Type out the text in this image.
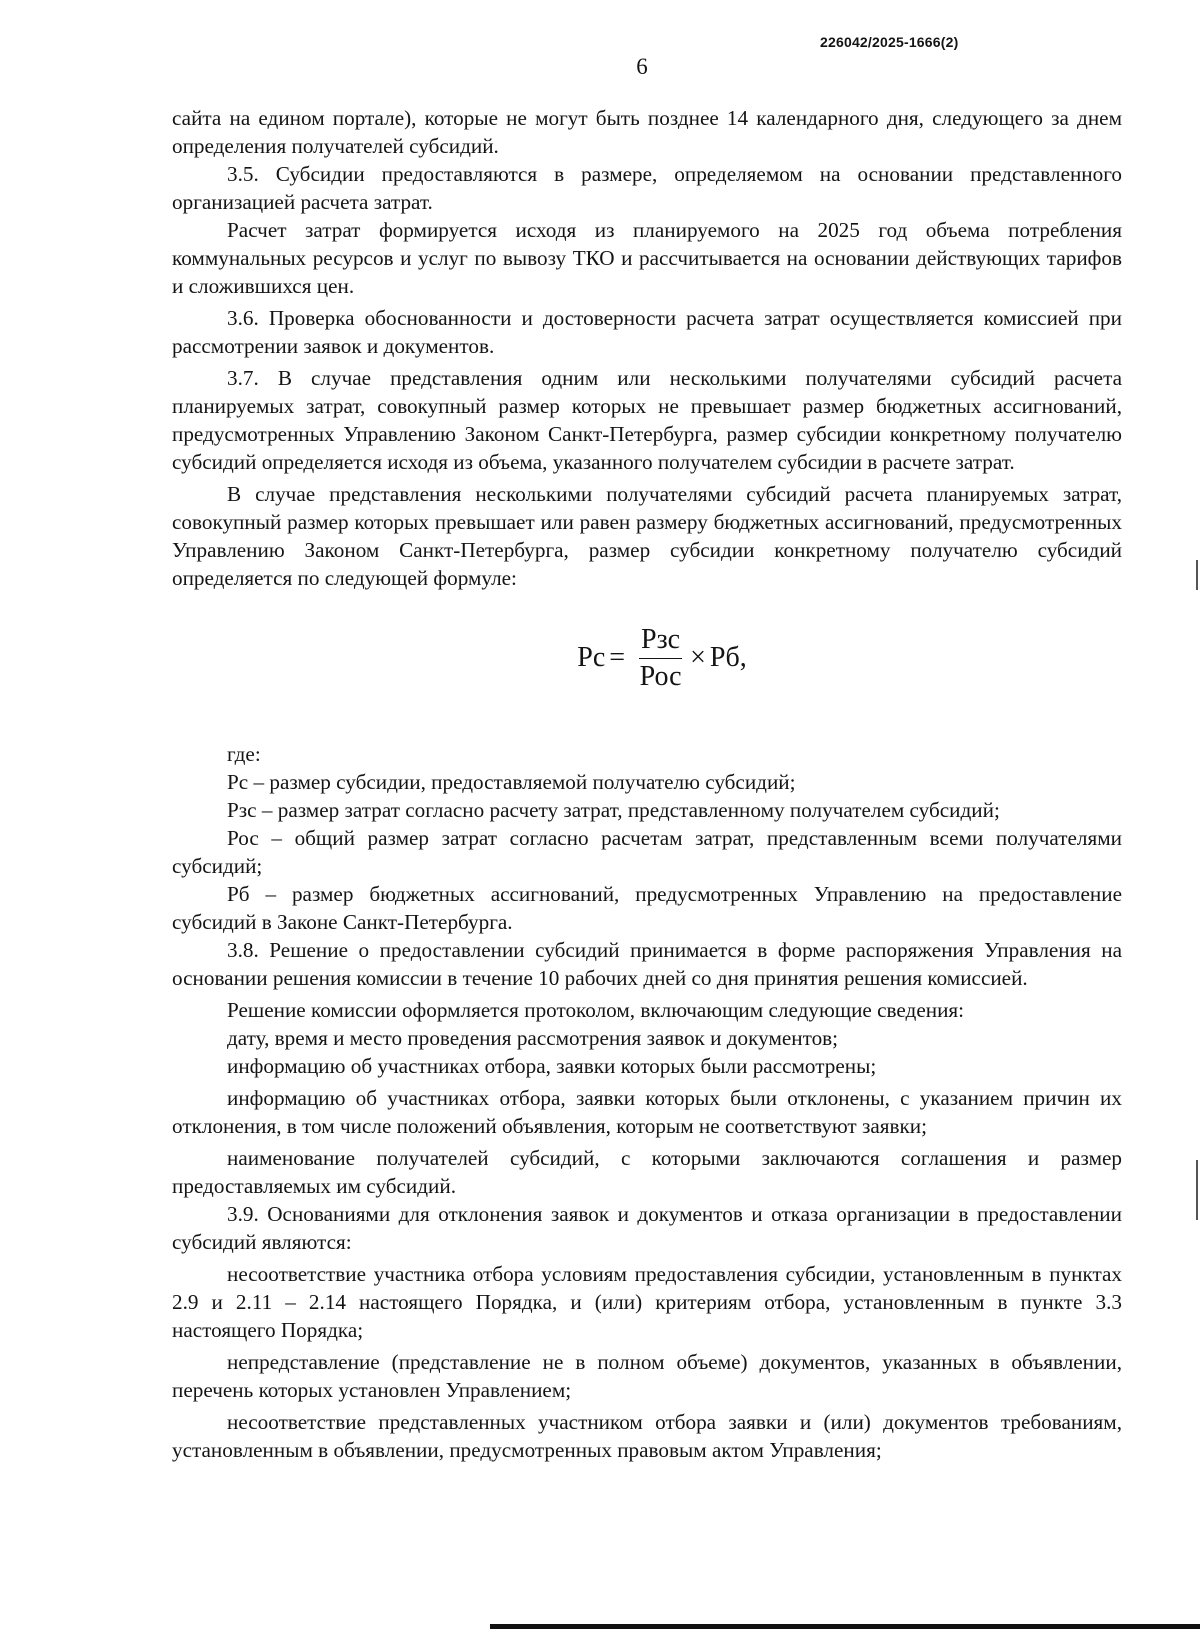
226042/2025-1666(2)
6

сайта на едином портале), которые не могут быть позднее 14 календарного дня, следующего за днем определения получателей субсидий.

3.5. Субсидии предоставляются в размере, определяемом на основании представленного организацией расчета затрат.

Расчет затрат формируется исходя из планируемого на 2025 год объема потребления коммунальных ресурсов и услуг по вывозу ТКО и рассчитывается на основании действующих тарифов и сложившихся цен.

3.6. Проверка обоснованности и достоверности расчета затрат осуществляется комиссией при рассмотрении заявок и документов.

3.7. В случае представления одним или несколькими получателями субсидий расчета планируемых затрат, совокупный размер которых не превышает размер бюджетных ассигнований, предусмотренных Управлению Законом Санкт-Петербурга, размер субсидии конкретному получателю субсидий определяется исходя из объема, указанного получателем субсидии в расчете затрат.

В случае представления несколькими получателями субсидий расчета планируемых затрат, совокупный размер которых превышает или равен размеру бюджетных ассигнований, предусмотренных Управлению Законом Санкт-Петербурга, размер субсидии конкретному получателю субсидий определяется по следующей формуле:

Рс = $\frac{\text{Рзс}}{\text{Рос}}$ × Рб,

где:

Рс – размер субсидии, предоставляемой получателю субсидий;

Рзс – размер затрат согласно расчету затрат, представленному получателем субсидий;

Рос – общий размер затрат согласно расчетам затрат, представленным всеми получателями субсидий;

Рб – размер бюджетных ассигнований, предусмотренных Управлению на предоставление субсидий в Законе Санкт-Петербурга.

3.8. Решение о предоставлении субсидий принимается в форме распоряжения Управления на основании решения комиссии в течение 10 рабочих дней со дня принятия решения комиссией.

Решение комиссии оформляется протоколом, включающим следующие сведения:

дату, время и место проведения рассмотрения заявок и документов;

информацию об участниках отбора, заявки которых были рассмотрены;

информацию об участниках отбора, заявки которых были отклонены, с указанием причин их отклонения, в том числе положений объявления, которым не соответствуют заявки;

наименование получателей субсидий, с которыми заключаются соглашения и размер предоставляемых им субсидий.

3.9. Основаниями для отклонения заявок и документов и отказа организации в предоставлении субсидий являются:

несоответствие участника отбора условиям предоставления субсидии, установленным в пунктах 2.9 и 2.11 – 2.14 настоящего Порядка, и (или) критериям отбора, установленным в пункте 3.3 настоящего Порядка;

непредставление (представление не в полном объеме) документов, указанных в объявлении, перечень которых установлен Управлением;

несоответствие представленных участником отбора заявки и (или) документов требованиям, установленным в объявлении, предусмотренных правовым актом Управления;
